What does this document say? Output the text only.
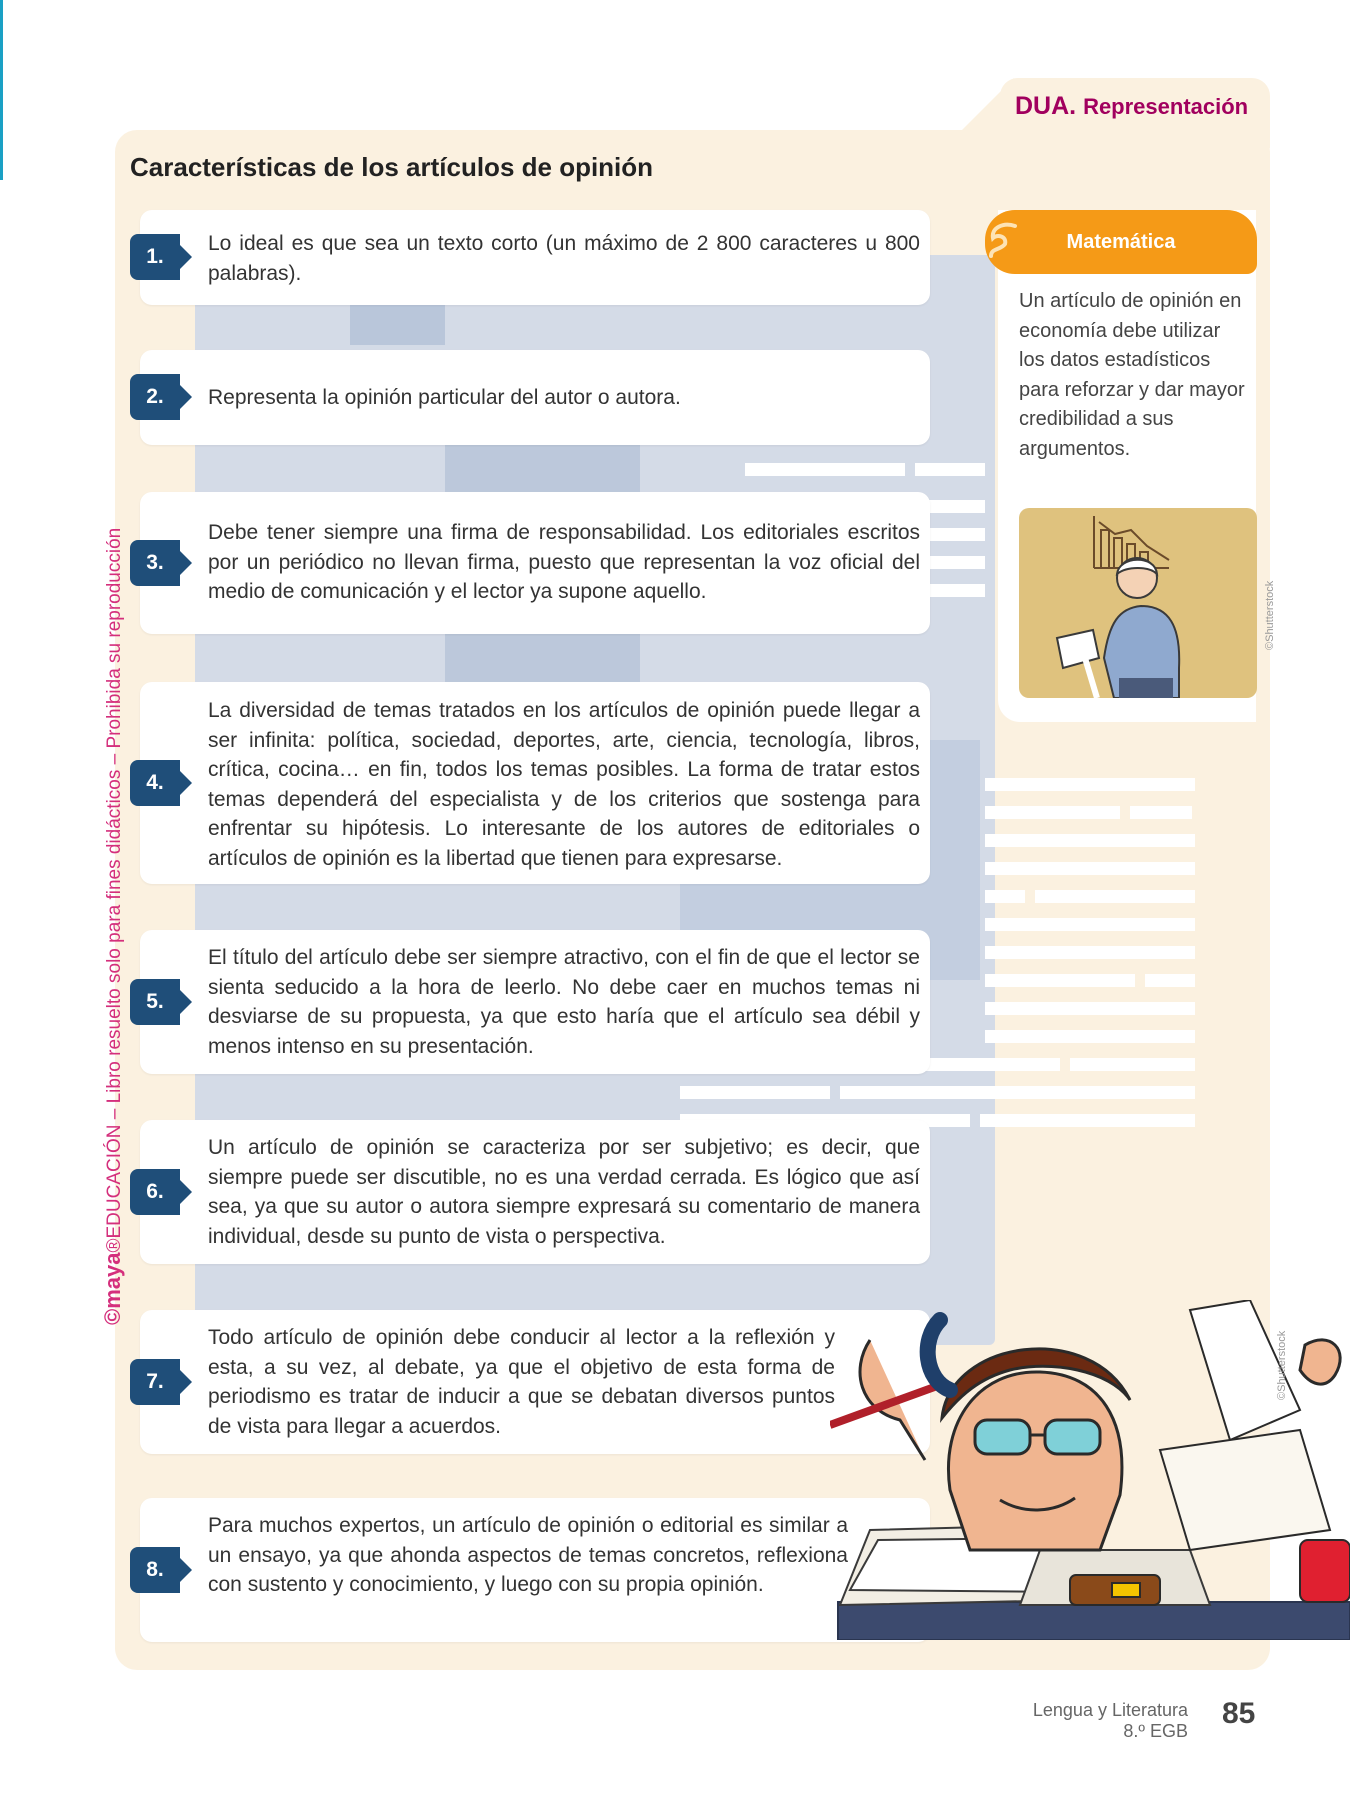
DUA. Representación
Características de los artículos de opinión
©maya®EDUCACIÓN – Libro resuelto solo para fines didácticos – Prohibida su reproducción
1.
Lo ideal es que sea un texto corto (un máximo de 2 800 caracteres u 800 palabras).
2.	Representa la opinión particular del autor o autora.
3.
Debe tener siempre una firma de responsabilidad. Los editoriales escritos por un periódico no llevan firma, puesto que representan la voz oficial del medio de comunicación y el lector ya supone aquello.
4.
La diversidad de temas tratados en los artículos de opinión puede llegar a ser infinita: política, sociedad, deportes, arte, ciencia, tecnología, libros, crítica, cocina… en fin, todos los temas posibles. La forma de tratar estos temas dependerá del especialista y de los criterios que sostenga para enfrentar su hipótesis. Lo interesante de los autores de editoriales o artículos de opinión es la libertad que tienen para expresarse.
5.
El título del artículo debe ser siempre atractivo, con el fin de que el lector se sienta seducido a la hora de leerlo. No debe caer en muchos temas ni desviarse de su propuesta, ya que esto haría que el artículo sea débil y menos intenso en su presentación.
6.
Un artículo de opinión se caracteriza por ser subjetivo; es decir, que siempre puede ser discutible, no es una verdad cerrada. Es lógico que así sea, ya que su autor o autora siempre expresará su comentario de manera individual, desde su punto de vista o perspectiva.
7.
Todo artículo de opinión debe conducir al lector a la reflexión y esta, a su vez, al debate, ya que el objetivo de esta forma de periodismo es tratar de inducir a que se debatan diversos puntos de vista para llegar a acuerdos.
8.
Para muchos expertos, un artículo de opinión o editorial es similar a un ensayo, ya que ahonda aspectos de temas concretos, reflexiona con sustento y conocimiento, y luego con su propia opinión.
Matemática
Un artículo de opinión en economía debe utilizar los datos estadísticos para reforzar y dar mayor credibilidad a sus argumentos.
©Shutterstock
©Shutterstock
Lengua y Literatura
8.º EGB
85
